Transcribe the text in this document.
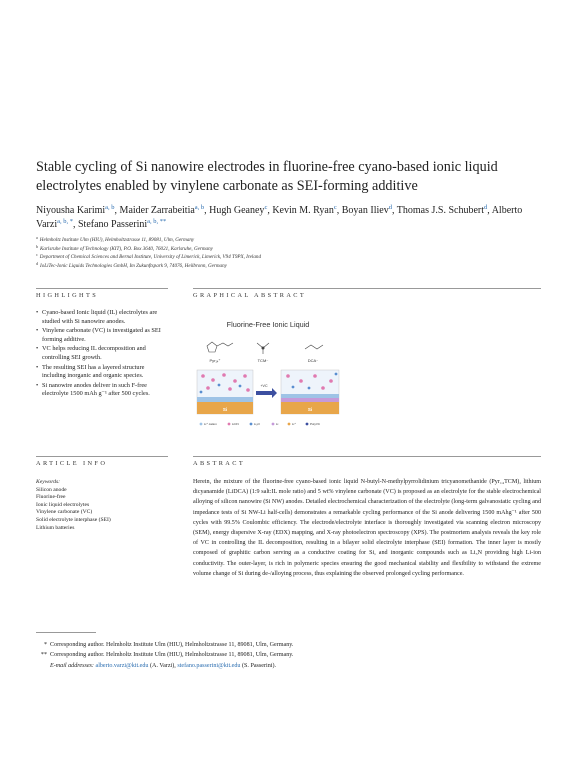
Stable cycling of Si nanowire electrodes in fluorine-free cyano-based ionic liquid electrolytes enabled by vinylene carbonate as SEI-forming additive
Niyousha Karimi$^{a, b}$, Maider Zarrabeitia$^{a, b}$, Hugh Geaney$^c$, Kevin M. Ryan$^c$, Boyan Iliev$^d$, Thomas J.S. Schubert$^d$, Alberto Varzi$^{a, b, *}$, Stefano Passerini$^{a, b, **}$
$^a$ Helmholtz Institute Ulm (HIU), Helmholtzstrasse 11, 89081, Ulm, Germany
$^b$ Karlsruhe Institute of Technology (KIT), P.O. Box 3640, 76021, Karlsruhe, Germany
$^c$ Department of Chemical Sciences and Bernal Institute, University of Limerick, Limerick, V94 T9PX, Ireland
$^d$ IoLiTec-Ionic Liquids Technologies GmbH, Im Zukunftspark 9, 74076, Heilbronn, Germany
HIGHLIGHTS
• Cyano-based Ionic liquid (IL) electrolytes are studied with Si nanowire anodes.
• Vinylene carbonate (VC) is investigated as SEI forming additive.
• VC helps reducing IL decomposition and controlling SEI growth.
• The resulting SEI has a layered structure including inorganic and organic species.
• Si nanowire anodes deliver in such F-free electrolyte 1500 mAh g⁻¹ after 500 cycles.
GRAPHICAL ABSTRACT
Fluorine-Free Ionic Liquid
Pyr₁₄⁺	TCM⁻	DCA⁻
Si
+VC
Si
Li⁺ cation	LiCN	Li₂O	Li	Li⁺	PolyVC
ARTICLE INFO
Keywords:
Silicon anode
Fluorine-free
Ionic liquid electrolytes
Vinylene carbonate (VC)
Solid electrolyte interphase (SEI)
Lithium batteries
ABSTRACT
Herein, the mixture of the fluorine-free cyano-based ionic liquid N-butyl-N-methylpyrrolidinium tricyanomethanide (Pyr₁₄TCM), lithium dicyanamide (LiDCA) (1:9 salt:IL mole ratio) and 5 wt% vinylene carbonate (VC) is proposed as an electrolyte for the stable electrochemical alloying of silicon nanowire (Si NW) anodes. Detailed electrochemical characterization of the electrolyte (long-term galvanostatic cycling and impedance tests of Si NW-Li half-cells) demonstrates a remarkable cycling performance of the Si anode delivering 1500 mAhg⁻¹ after 500 cycles with 99.5% Coulombic efficiency. The electrode/electrolyte interface is thoroughly investigated via scanning electron microscopy (SEM), energy dispersive X-ray (EDX) mapping, and X-ray photoelectron spectroscopy (XPS). The postmortem analysis reveals the key role of VC in controlling the IL decomposition, resulting in a bilayer solid electrolyte interphase (SEI) formation. The inner layer is mostly composed of graphitic carbon serving as a conductive coating for Si, and inorganic compounds such as Li₃N providing high Li-ion conductivity. The outer-layer, is rich in polymeric species ensuring the good mechanical stability and flexibility to withstand the extreme volume change of Si during de-/alloying process, thus explaining the observed prolonged cycling performance.
* Corresponding author. Helmholtz Institute Ulm (HIU), Helmholtzstrasse 11, 89081, Ulm, Germany.
** Corresponding author. Helmholtz Institute Ulm (HIU), Helmholtzstrasse 11, 89081, Ulm, Germany.
E-mail addresses: alberto.varzi@kit.edu (A. Varzi), stefano.passerini@kit.edu (S. Passerini).
